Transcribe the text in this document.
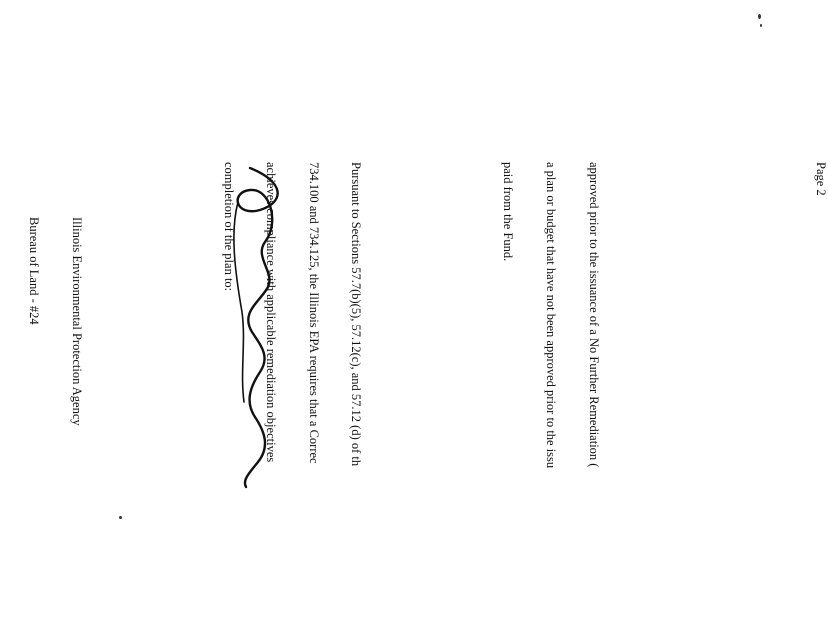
Page 2

approved prior to the issuance of a No Further Remediation (

a plan or budget that have not been approved prior to the issu

paid from the Fund.

Pursuant to Sections 57.7(b)(5), 57.12(c), and 57.12 (d) of th

734.100 and 734.125, the Illinois EPA requires that a Correc

achieves compliance with applicable remediation objectives

completion of the plan to:

Illinois Environmental Protection Agency

Bureau of Land - #24
